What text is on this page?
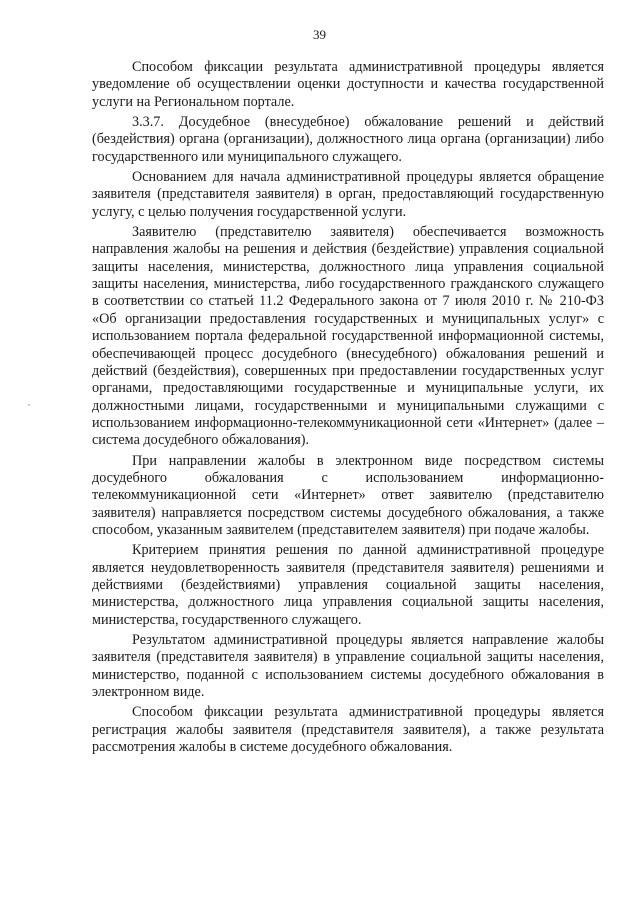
39

Способом фиксации результата административной процедуры является уведомление об осуществлении оценки доступности и качества государственной услуги на Региональном портале.

3.3.7. Досудебное (внесудебное) обжалование решений и действий (бездействия) органа (организации), должностного лица органа (организации) либо государственного или муниципального служащего.

Основанием для начала административной процедуры является обращение заявителя (представителя заявителя) в орган, предоставляющий государственную услугу, с целью получения государственной услуги.

Заявителю (представителю заявителя) обеспечивается возможность направления жалобы на решения и действия (бездействие) управления социальной защиты населения, министерства, должностного лица управления социальной защиты населения, министерства, либо государственного гражданского служащего в соответствии со статьей 11.2 Федерального закона от 7 июля 2010 г. № 210-ФЗ «Об организации предоставления государственных и муниципальных услуг» с использованием портала федеральной государственной информационной системы, обеспечивающей процесс досудебного (внесудебного) обжалования решений и действий (бездействия), совершенных при предоставлении государственных услуг органами, предоставляющими государственные и муниципальные услуги, их должностными лицами, государственными и муниципальными служащими с использованием информационно-телекоммуникационной сети «Интернет» (далее – система досудебного обжалования).

При направлении жалобы в электронном виде посредством системы досудебного обжалования с использованием информационно-телекоммуникационной сети «Интернет» ответ заявителю (представителю заявителя) направляется посредством системы досудебного обжалования, а также способом, указанным заявителем (представителем заявителя) при подаче жалобы.

Критерием принятия решения по данной административной процедуре является неудовлетворенность заявителя (представителя заявителя) решениями и действиями (бездействиями) управления социальной защиты населения, министерства, должностного лица управления социальной защиты населения, министерства, государственного служащего.

Результатом административной процедуры является направление жалобы заявителя (представителя заявителя) в управление социальной защиты населения, министерство, поданной с использованием системы досудебного обжалования в электронном виде.

Способом фиксации результата административной процедуры является регистрация жалобы заявителя (представителя заявителя), а также результата рассмотрения жалобы в системе досудебного обжалования.
